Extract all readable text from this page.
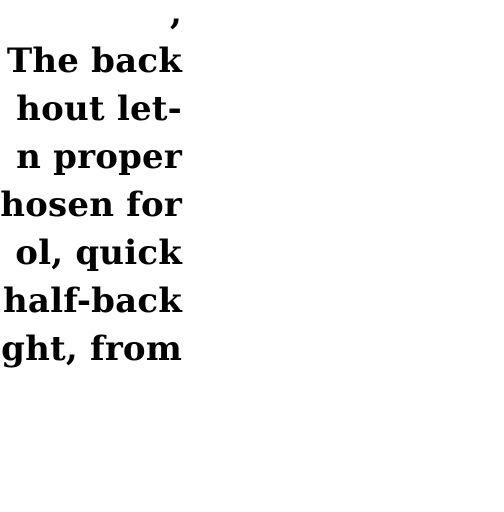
,
The back
hout let-
n proper
hosen for
ol, quick
half-back
ght, from
